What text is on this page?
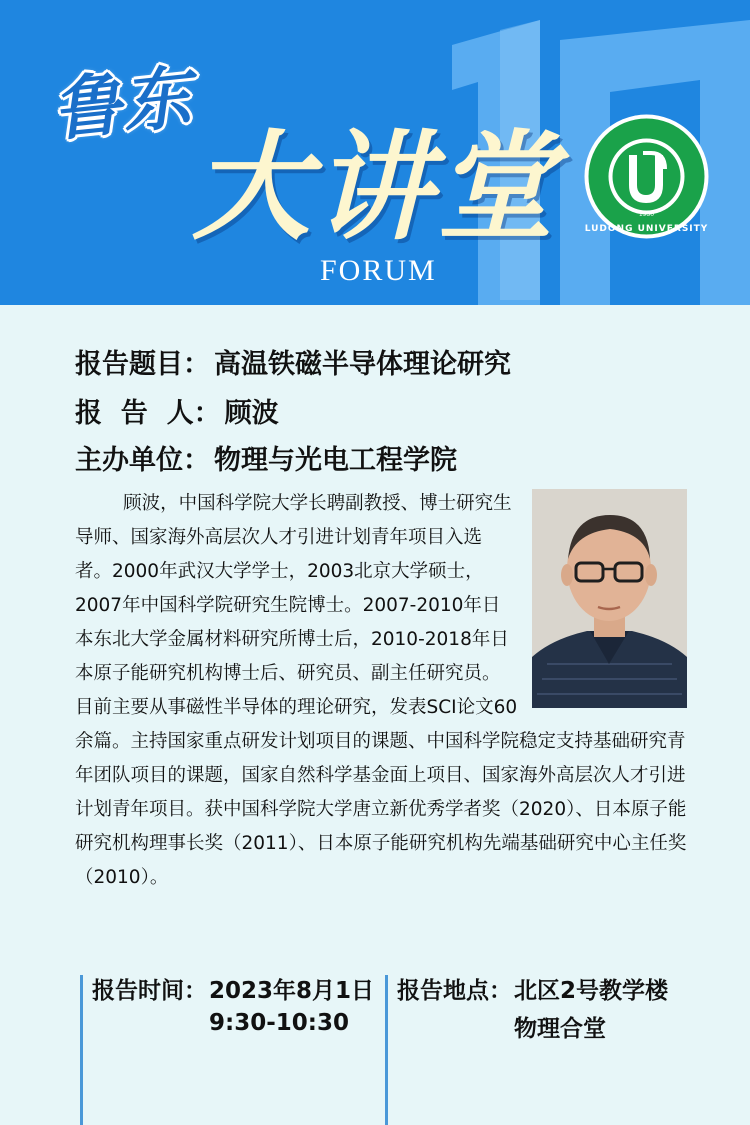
鲁东
大讲堂
FORUM
LUDONG UNIVERSITY
1930
报告题目： 高温铁磁半导体理论研究
报  告  人： 顾波
主办单位： 物理与光电工程学院

顾波，中国科学院大学长聘副教授、博士研究生导师、国家海外高层次人才引进计划青年项目入选者。2000年武汉大学学士，2003北京大学硕士，2007年中国科学院研究生院博士。2007-2010年日本东北大学金属材料研究所博士后，2010-2018年日本原子能研究机构博士后、研究员、副主任研究员。目前主要从事磁性半导体的理论研究，发表SCI论文60余篇。主持国家重点研发计划项目的课题、中国科学院稳定支持基础研究青年团队项目的课题，国家自然科学基金面上项目、国家海外高层次人才引进计划青年项目。获中国科学院大学唐立新优秀学者奖（2020）、日本原子能研究机构理事长奖（2011）、日本原子能研究机构先端基础研究中心主任奖（2010）。

报告时间： 2023年8月1日
9:30-10:30
报告地点： 北区2号教学楼
物理合堂
